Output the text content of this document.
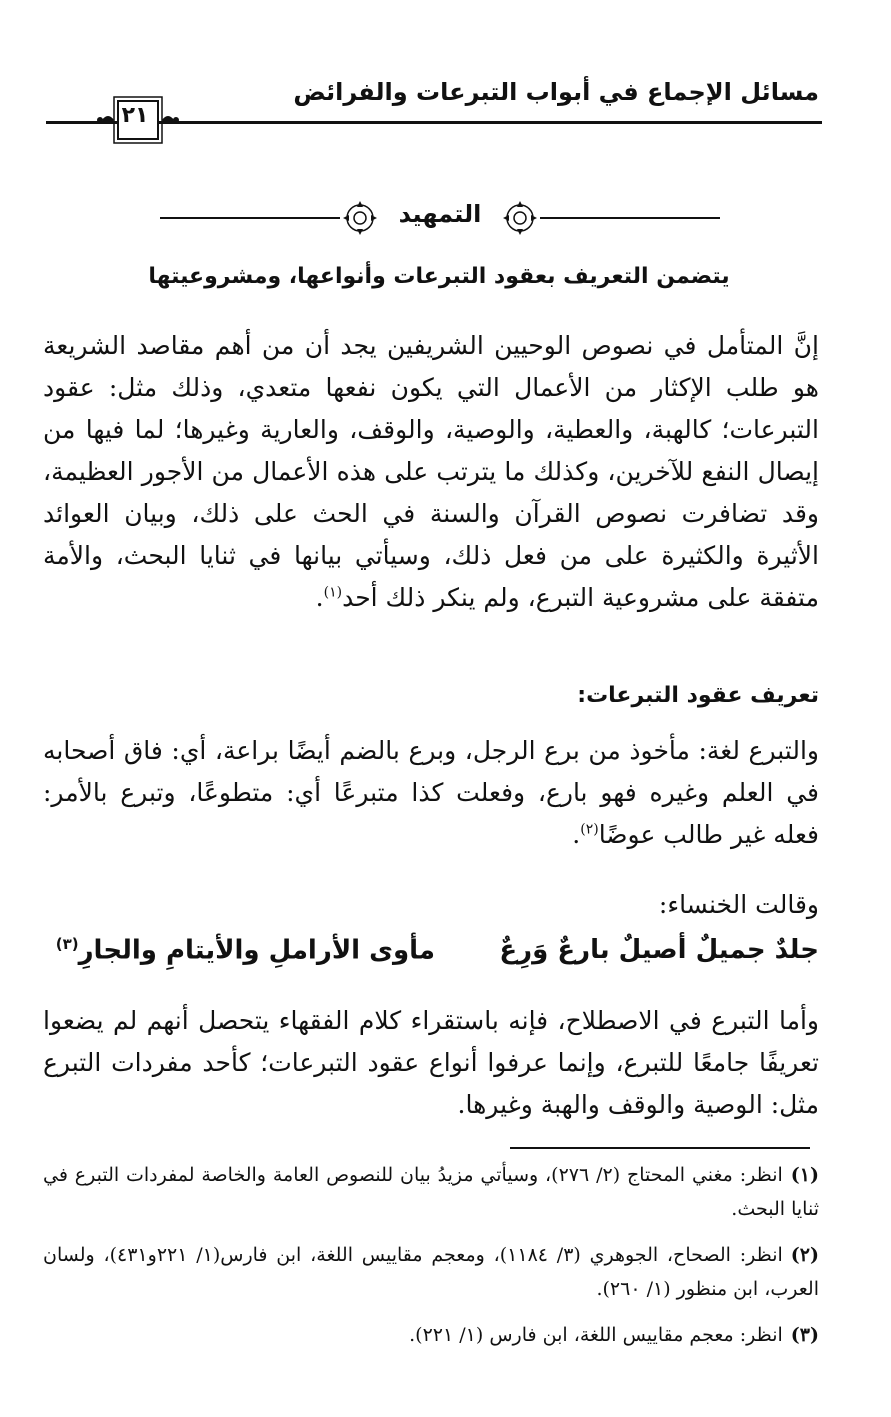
مسائل الإجماع في أبواب التبرعات والفرائض
٢١
التمهيد
يتضمن التعريف بعقود التبرعات وأنواعها، ومشروعيتها
إنَّ المتأمل في نصوص الوحيين الشريفين يجد أن من أهم مقاصد الشريعة هو طلب الإكثار من الأعمال التي يكون نفعها متعدي، وذلك مثل: عقود التبرعات؛ كالهبة، والعطية، والوصية، والوقف، والعارية وغيرها؛ لما فيها من إيصال النفع للآخرين، وكذلك ما يترتب على هذه الأعمال من الأجور العظيمة، وقد تضافرت نصوص القرآن والسنة في الحث على ذلك، وبيان العوائد الأثيرة والكثيرة على من فعل ذلك، وسيأتي بيانها في ثنايا البحث، والأمة متفقة على مشروعية التبرع، ولم ينكر ذلك أحد$^{(١)}$.
تعريف عقود التبرعات:
والتبرع لغة: مأخوذ من برع الرجل، وبرع بالضم أيضًا براعة، أي: فاق أصحابه في العلم وغيره فهو بارع، وفعلت كذا متبرعًا أي: متطوعًا، وتبرع بالأمر: فعله غير طالب عوضًا$^{(٢)}$.
وقالت الخنساء:
جلدٌ جميلٌ أصيلٌ بارعٌ وَرِعٌ
مأوى الأراملِ والأيتامِ والجارِ$^{(٣)}$
وأما التبرع في الاصطلاح، فإنه باستقراء كلام الفقهاء يتحصل أنهم لم يضعوا تعريفًا جامعًا للتبرع، وإنما عرفوا أنواع عقود التبرعات؛ كأحد مفردات التبرع مثل: الوصية والوقف والهبة وغيرها.
(١)انظر: مغني المحتاج (٢/ ٢٧٦)، وسيأتي مزيدُ بيان للنصوص العامة والخاصة لمفردات التبرع في ثنايا البحث.
(٢)انظر: الصحاح، الجوهري (٣/ ١١٨٤)، ومعجم مقاييس اللغة، ابن فارس(١/ ٢٢١و٤٣١)، ولسان العرب، ابن منظور (١/ ٢٦٠).
(٣)انظر: معجم مقاييس اللغة، ابن فارس (١/ ٢٢١).
